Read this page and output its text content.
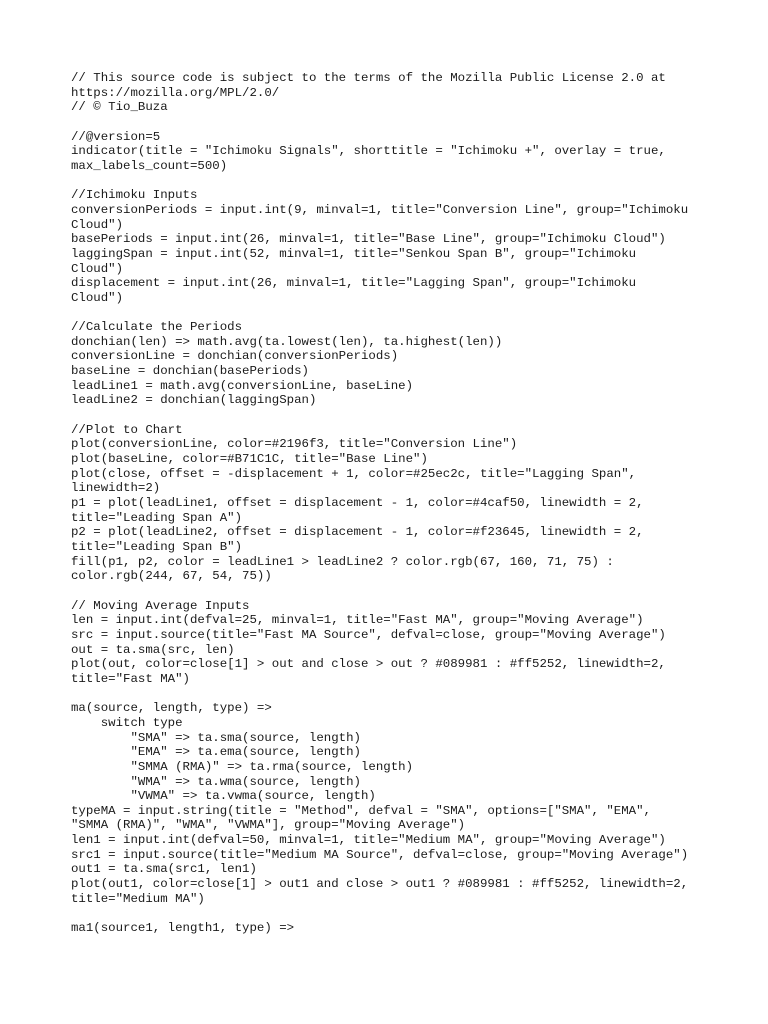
// This source code is subject to the terms of the Mozilla Public License 2.0 at
https://mozilla.org/MPL/2.0/
// © Tio_Buza
//@version=5
indicator(title = "Ichimoku Signals", shorttitle = "Ichimoku +", overlay = true,
max_labels_count=500)
//Ichimoku Inputs
conversionPeriods = input.int(9, minval=1, title="Conversion Line", group="Ichimoku
Cloud")
basePeriods = input.int(26, minval=1, title="Base Line", group="Ichimoku Cloud")
laggingSpan = input.int(52, minval=1, title="Senkou Span B", group="Ichimoku
Cloud")
displacement = input.int(26, minval=1, title="Lagging Span", group="Ichimoku
Cloud")
//Calculate the Periods
donchian(len) => math.avg(ta.lowest(len), ta.highest(len))
conversionLine = donchian(conversionPeriods)
baseLine = donchian(basePeriods)
leadLine1 = math.avg(conversionLine, baseLine)
leadLine2 = donchian(laggingSpan)
//Plot to Chart
plot(conversionLine, color=#2196f3, title="Conversion Line")
plot(baseLine, color=#B71C1C, title="Base Line")
plot(close, offset = -displacement + 1, color=#25ec2c, title="Lagging Span",
linewidth=2)
p1 = plot(leadLine1, offset = displacement - 1, color=#4caf50, linewidth = 2,
title="Leading Span A")
p2 = plot(leadLine2, offset = displacement - 1, color=#f23645, linewidth = 2,
title="Leading Span B")
fill(p1, p2, color = leadLine1 > leadLine2 ? color.rgb(67, 160, 71, 75) :
color.rgb(244, 67, 54, 75))
// Moving Average Inputs
len = input.int(defval=25, minval=1, title="Fast MA", group="Moving Average")
src = input.source(title="Fast MA Source", defval=close, group="Moving Average")
out = ta.sma(src, len)
plot(out, color=close[1] > out and close > out ? #089981 : #ff5252, linewidth=2,
title="Fast MA")
ma(source, length, type) =>
switch type
"SMA" => ta.sma(source, length)
"EMA" => ta.ema(source, length)
"SMMA (RMA)" => ta.rma(source, length)
"WMA" => ta.wma(source, length)
"VWMA" => ta.vwma(source, length)
typeMA = input.string(title = "Method", defval = "SMA", options=["SMA", "EMA",
"SMMA (RMA)", "WMA", "VWMA"], group="Moving Average")
len1 = input.int(defval=50, minval=1, title="Medium MA", group="Moving Average")
src1 = input.source(title="Medium MA Source", defval=close, group="Moving Average")
out1 = ta.sma(src1, len1)
plot(out1, color=close[1] > out1 and close > out1 ? #089981 : #ff5252, linewidth=2,
title="Medium MA")
ma1(source1, length1, type) =>
